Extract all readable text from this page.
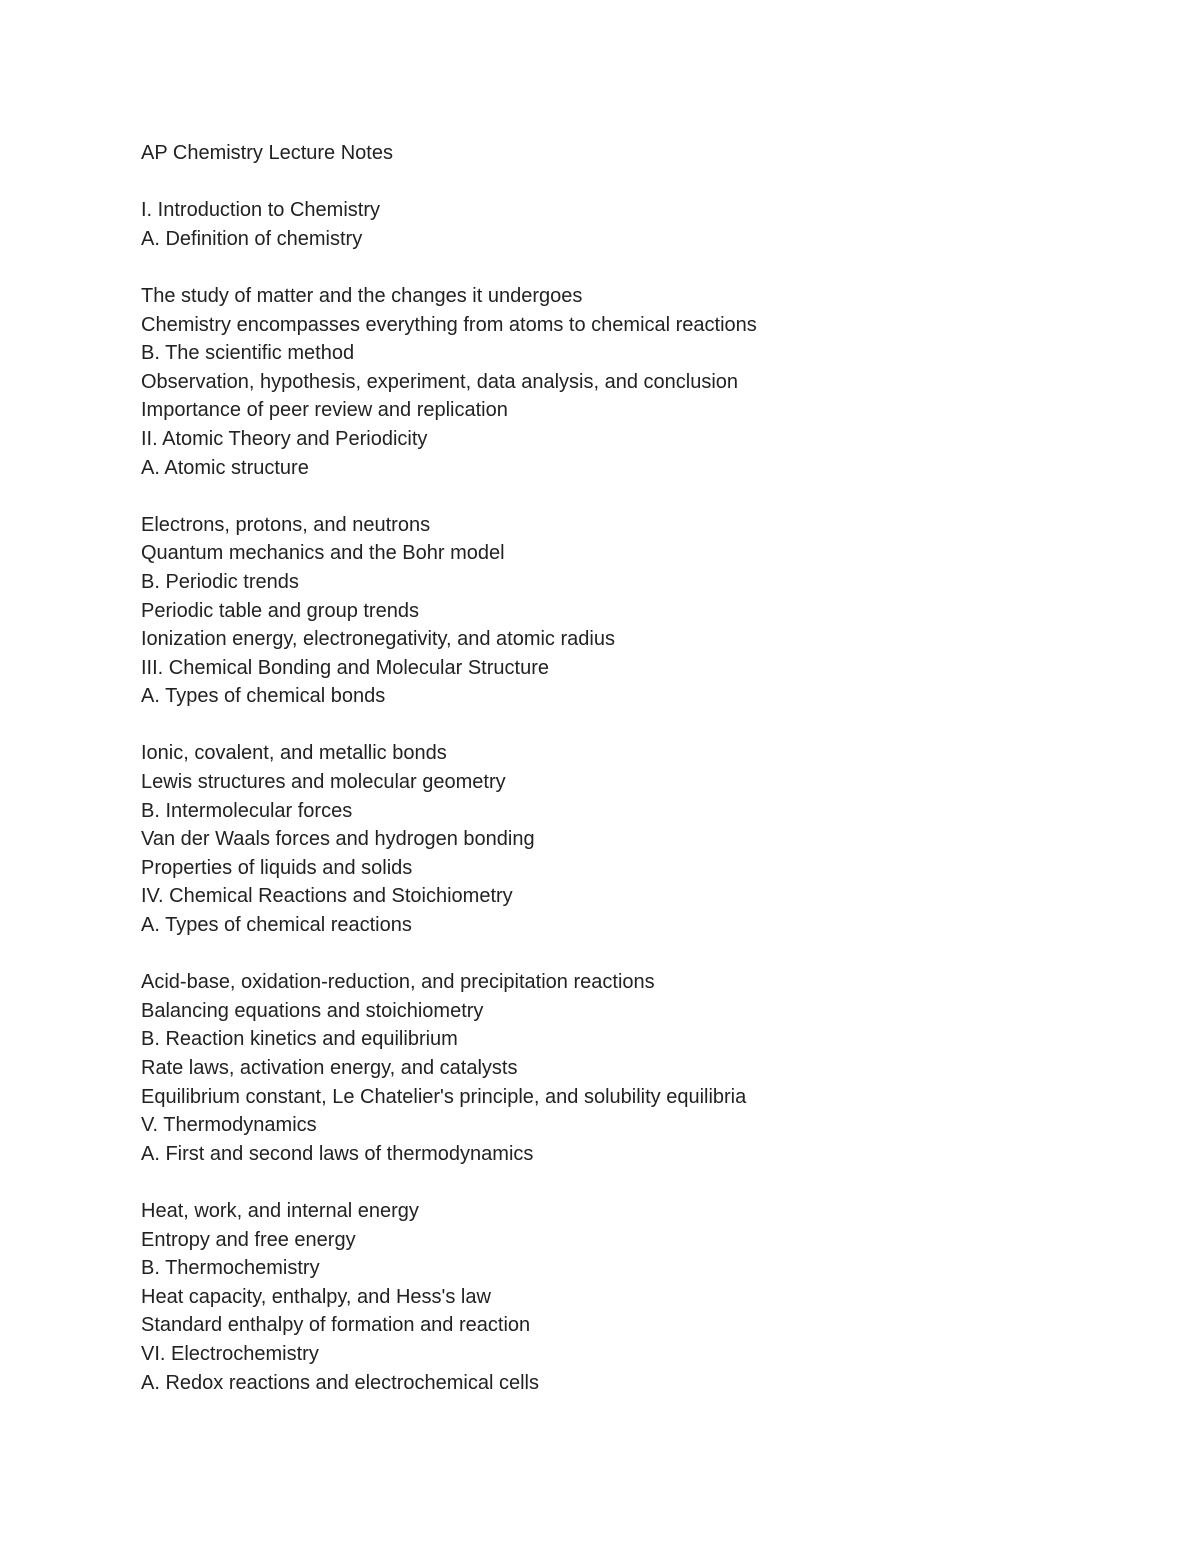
AP Chemistry Lecture Notes
I. Introduction to Chemistry
A. Definition of chemistry
The study of matter and the changes it undergoes
Chemistry encompasses everything from atoms to chemical reactions
B. The scientific method
Observation, hypothesis, experiment, data analysis, and conclusion
Importance of peer review and replication
II. Atomic Theory and Periodicity
A. Atomic structure
Electrons, protons, and neutrons
Quantum mechanics and the Bohr model
B. Periodic trends
Periodic table and group trends
Ionization energy, electronegativity, and atomic radius
III. Chemical Bonding and Molecular Structure
A. Types of chemical bonds
Ionic, covalent, and metallic bonds
Lewis structures and molecular geometry
B. Intermolecular forces
Van der Waals forces and hydrogen bonding
Properties of liquids and solids
IV. Chemical Reactions and Stoichiometry
A. Types of chemical reactions
Acid-base, oxidation-reduction, and precipitation reactions
Balancing equations and stoichiometry
B. Reaction kinetics and equilibrium
Rate laws, activation energy, and catalysts
Equilibrium constant, Le Chatelier's principle, and solubility equilibria
V. Thermodynamics
A. First and second laws of thermodynamics
Heat, work, and internal energy
Entropy and free energy
B. Thermochemistry
Heat capacity, enthalpy, and Hess's law
Standard enthalpy of formation and reaction
VI. Electrochemistry
A. Redox reactions and electrochemical cells
